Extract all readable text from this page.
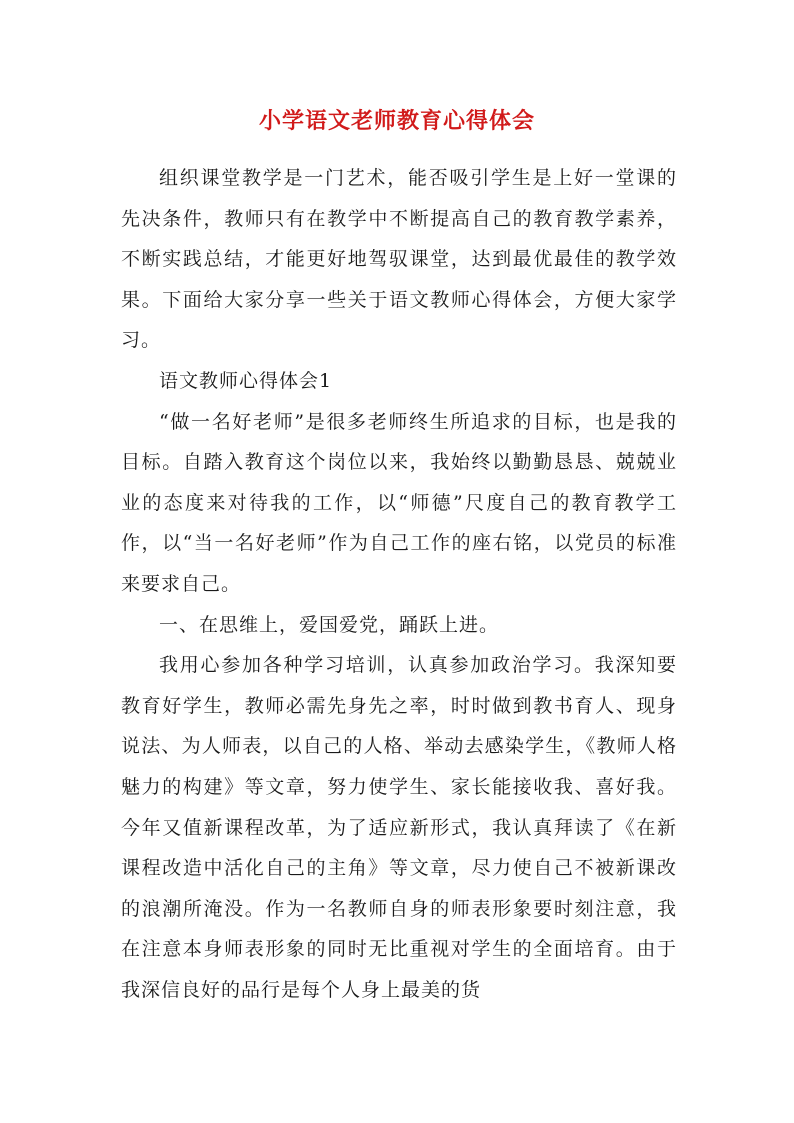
小学语文老师教育心得体会

组织课堂教学是一门艺术，能否吸引学生是上好一堂课的先决条件，教师只有在教学中不断提高自己的教育教学素养，不断实践总结，才能更好地驾驭课堂，达到最优最佳的教学效果。下面给大家分享一些关于语文教师心得体会，方便大家学习。

语文教师心得体会1

“做一名好老师”是很多老师终生所追求的目标，也是我的目标。自踏入教育这个岗位以来，我始终以勤勤恳恳、兢兢业业的态度来对待我的工作，以“师德”尺度自己的教育教学工作，以“当一名好老师”作为自己工作的座右铭，以党员的标准来要求自己。

一、在思维上，爱国爱党，踊跃上进。

我用心参加各种学习培训，认真参加政治学习。我深知要教育好学生，教师必需先身先之率，时时做到教书育人、现身说法、为人师表，以自己的人格、举动去感染学生，《教师人格魅力的构建》等文章，努力使学生、家长能接收我、喜好我。今年又值新课程改革，为了适应新形式，我认真拜读了《在新课程改造中活化自己的主角》等文章，尽力使自己不被新课改的浪潮所淹没。作为一名教师自身的师表形象要时刻注意，我在注意本身师表形象的同时无比重视对学生的全面培育。由于我深信良好的品行是每个人身上最美的货
